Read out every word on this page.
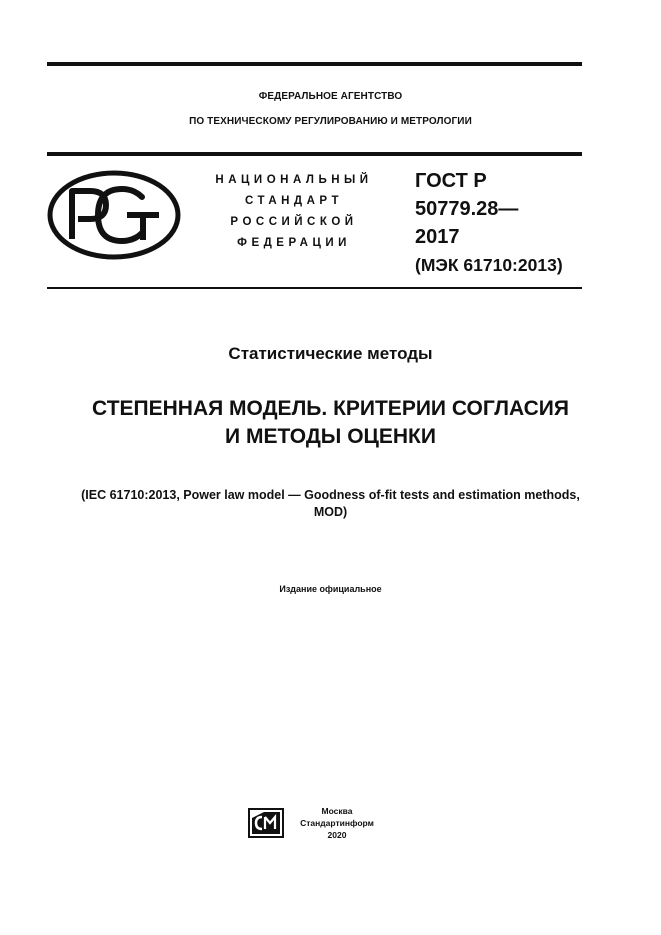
ФЕДЕРАЛЬНОЕ АГЕНТСТВО
ПО ТЕХНИЧЕСКОМУ РЕГУЛИРОВАНИЮ И МЕТРОЛОГИИ
РСТ
НАЦИОНАЛЬНЫЙ
СТАНДАРТ
РОССИЙСКОЙ
ФЕДЕРАЦИИ
ГОСТ Р
50779.28—
2017
(МЭК 61710:2013)
Статистические методы
СТЕПЕННАЯ МОДЕЛЬ. КРИТЕРИИ СОГЛАСИЯ
И МЕТОДЫ ОЦЕНКИ
(IEC 61710:2013, Power law model — Goodness of-fit tests and estimation methods,
MOD)
Издание официальное
Москва
Стандартинформ
2020
